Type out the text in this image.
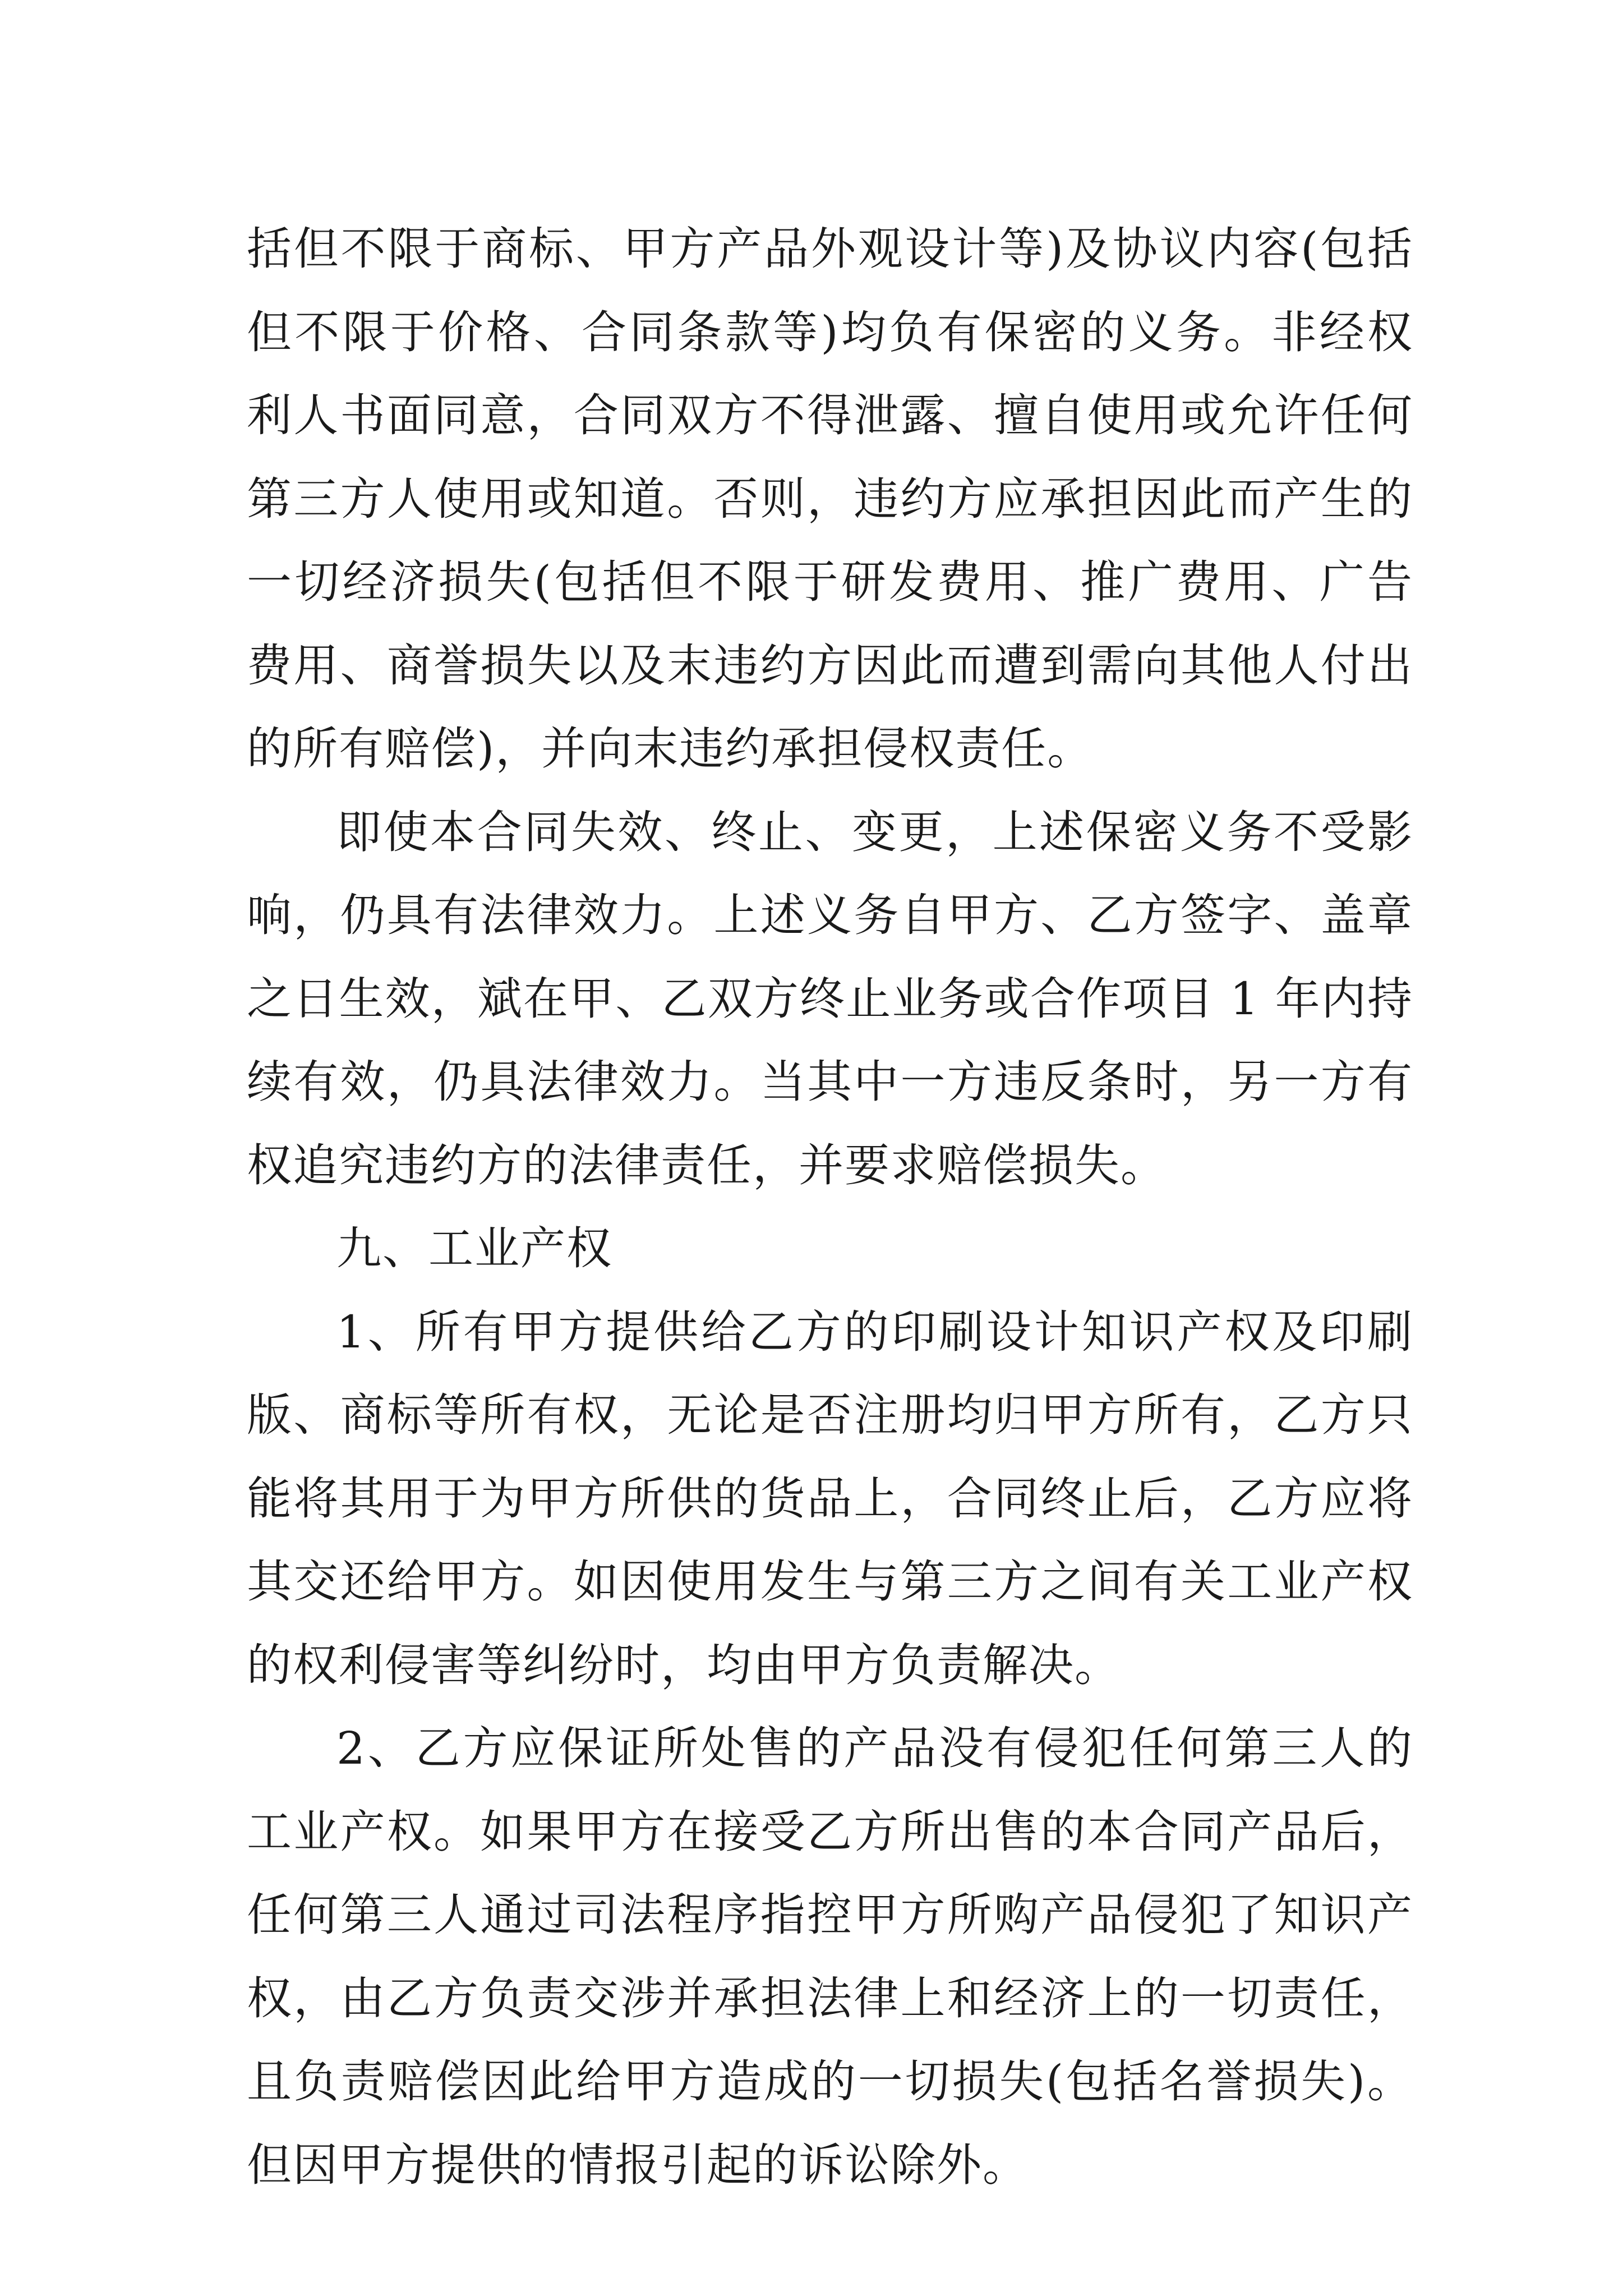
括但不限于商标、甲方产品外观设计等)及协议内容(包括但不限于价格、合同条款等)均负有保密的义务。非经权利人书面同意，合同双方不得泄露、擅自使用或允许任何第三方人使用或知道。否则，违约方应承担因此而产生的一切经济损失(包括但不限于研发费用、推广费用、广告费用、商誉损失以及末违约方因此而遭到需向其他人付出的所有赔偿)，并向末违约承担侵权责任。

即使本合同失效、终止、变更，上述保密义务不受影响，仍具有法律效力。上述义务自甲方、乙方签字、盖章之日生效，斌在甲、乙双方终止业务或合作项目 1 年内持续有效，仍具法律效力。当其中一方违反条时，另一方有权追究违约方的法律责任，并要求赔偿损失。

九、工业产权

1、所有甲方提供给乙方的印刷设计知识产权及印刷版、商标等所有权，无论是否注册均归甲方所有，乙方只能将其用于为甲方所供的货品上，合同终止后，乙方应将其交还给甲方。如因使用发生与第三方之间有关工业产权的权利侵害等纠纷时，均由甲方负责解决。

2、乙方应保证所处售的产品没有侵犯任何第三人的工业产权。如果甲方在接受乙方所出售的本合同产品后，任何第三人通过司法程序指控甲方所购产品侵犯了知识产权，由乙方负责交涉并承担法律上和经济上的一切责任，且负责赔偿因此给甲方造成的一切损失(包括名誉损失)。但因甲方提供的情报引起的诉讼除外。
